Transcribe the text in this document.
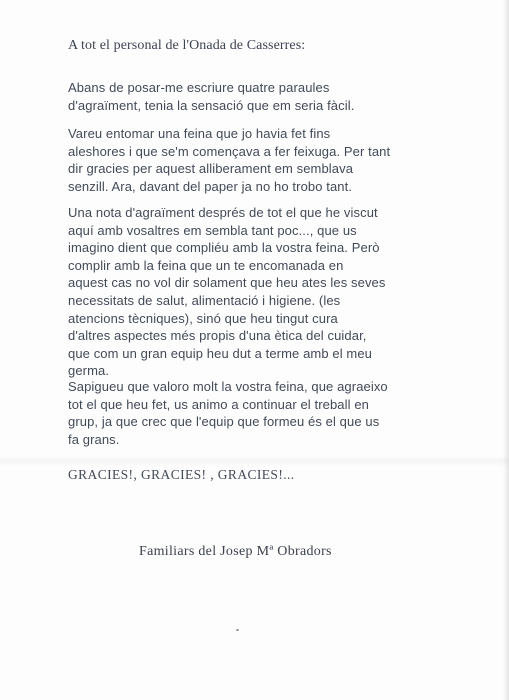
A tot el personal de l'Onada de Casserres:

Abans de posar-me escriure quatre paraules
d'agraïment, tenia la sensació que em seria fàcil.

Vareu entomar una feina que jo havia fet fins
aleshores i que se'm començava a fer feixuga. Per tant
dir gracies per aquest alliberament em semblava
senzill. Ara, davant del paper ja no ho trobo tant.

Una nota d'agraïment després de tot el que he viscut
aquí amb vosaltres em sembla tant poc..., que us
imagino dient que compliéu amb la vostra feina. Però
complir amb la feina que un te encomanada en
aquest cas no vol dir solament que heu ates les seves
necessitats de salut, alimentació i higiene. (les
atencions tècniques), sinó que heu tingut cura
d'altres aspectes més propis d'una ètica del cuidar,
que com un gran equip heu dut a terme amb el meu
germa.

Sapigueu que valoro molt la vostra feina, que agraeixo
tot el que heu fet, us animo a continuar el treball en
grup, ja que crec que l'equip que formeu és el que us
fa grans.

GRACIES!, GRACIES! , GRACIES!...

Familiars del Josep Mª Obradors
